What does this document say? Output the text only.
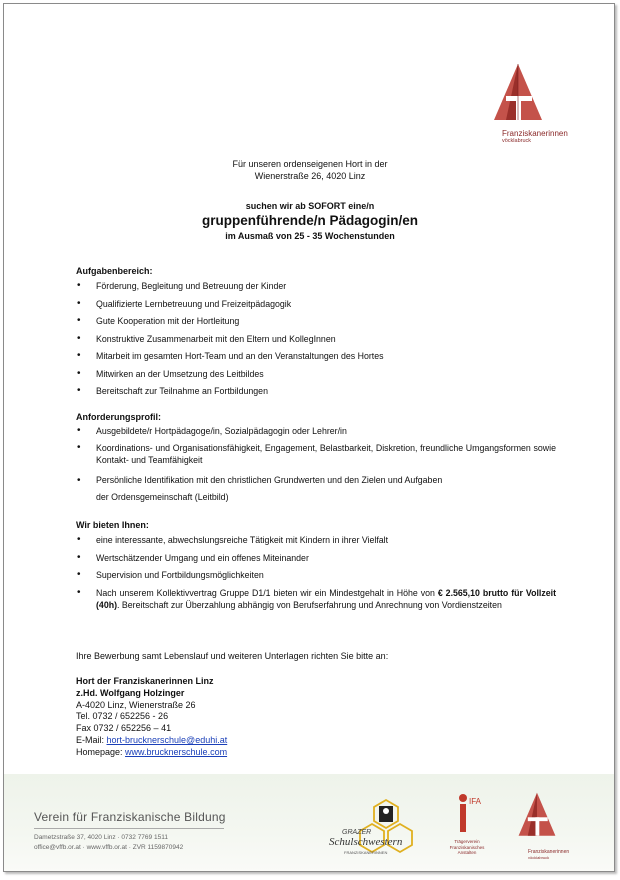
Franziskanerinnen
vöcklabruck
Für unseren ordenseigenen Hort in der
Wienerstraße 26, 4020 Linz
suchen wir ab SOFORT eine/n
gruppenführende/n Pädagogin/en
im Ausmaß von 25 - 35 Wochenstunden
Aufgabenbereich:
• Förderung, Begleitung und Betreuung der Kinder
• Qualifizierte Lernbetreuung und Freizeitpädagogik
• Gute Kooperation mit der Hortleitung
• Konstruktive Zusammenarbeit mit den Eltern und KollegInnen
• Mitarbeit im gesamten Hort-Team und an den Veranstaltungen des Hortes
• Mitwirken an der Umsetzung des Leitbildes
• Bereitschaft zur Teilnahme an Fortbildungen
Anforderungsprofil:
• Ausgebildete/r Hortpädagoge/in, Sozialpädagogin oder Lehrer/in
• Koordinations- und Organisationsfähigkeit, Engagement, Belastbarkeit, Diskretion, freundliche Umgangsformen sowie Kontakt- und Teamfähigkeit
• Persönliche Identifikation mit den christlichen Grundwerten und den Zielen und Aufgaben
der Ordensgemeinschaft (Leitbild)
Wir bieten Ihnen:
• eine interessante, abwechslungsreiche Tätigkeit mit Kindern in ihrer Vielfalt
• Wertschätzender Umgang und ein offenes Miteinander
• Supervision und Fortbildungsmöglichkeiten
• Nach unserem Kollektivvertrag Gruppe D1/1 bieten wir ein Mindestgehalt in Höhe von € 2.565,10 brutto für Vollzeit (40h). Bereitschaft zur Überzahlung abhängig von Berufserfahrung und Anrechnung von Vordienstzeiten
Ihre Bewerbung samt Lebenslauf und weiteren Unterlagen richten Sie bitte an:
Hort der Franziskanerinnen Linz
z.Hd. Wolfgang Holzinger
A-4020 Linz, Wienerstraße 26
Tel. 0732 / 652256 - 26
Fax 0732 / 652256 – 41
E-Mail: hort-brucknerschule@eduhi.at
Homepage: www.brucknerschule.com
Verein für Franziskanische Bildung
Dametzstraße 37, 4020 Linz · 0732 7769 1511
office@vffb.or.at · www.vffb.or.at · ZVR 1159870942
GRAZER
Schulschwestern
FRANZISKANERINNEN
IFA
Trägerverein
Franziskanisches
Anstalten	Franziskanerinnen
vöcklabruck
